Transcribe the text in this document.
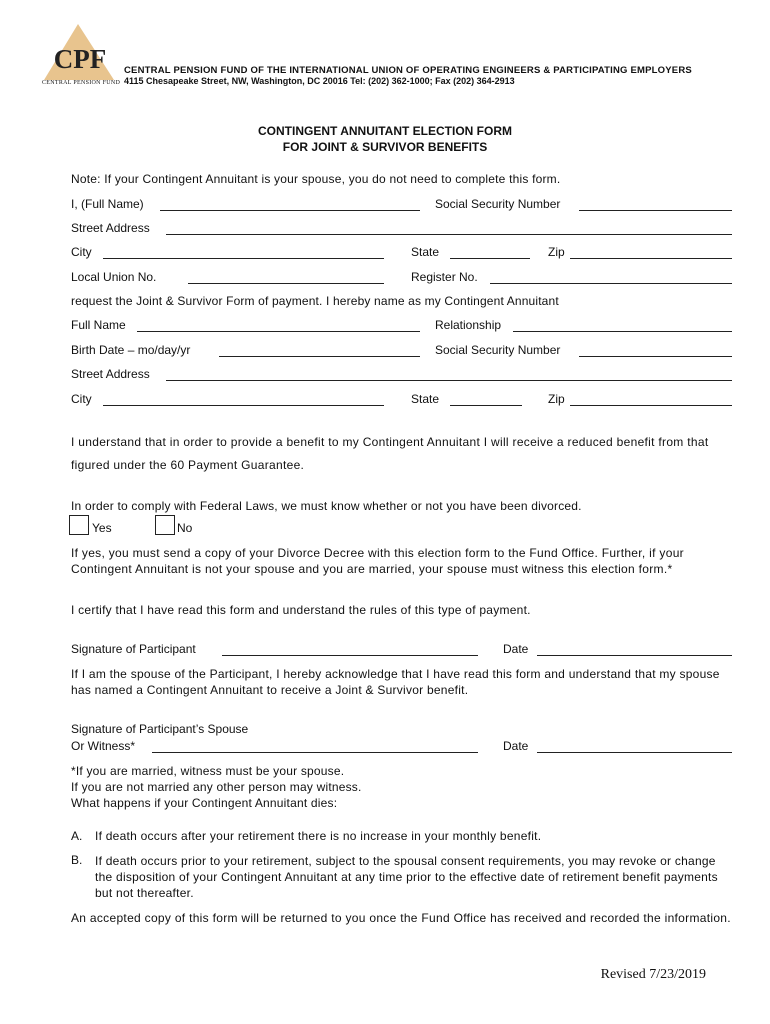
CPF
CENTRAL PENSION FUND
CENTRAL PENSION FUND OF THE INTERNATIONAL UNION OF OPERATING ENGINEERS & PARTICIPATING EMPLOYERS
4115 Chesapeake Street, NW, Washington, DC 20016 Tel: (202) 362-1000; Fax (202) 364-2913
CONTINGENT ANNUITANT ELECTION FORM
FOR JOINT & SURVIVOR BENEFITS
Note: If your Contingent Annuitant is your spouse, you do not need to complete this form.
I, (Full Name)	Social Security Number
Street Address
City	State	Zip
Local Union No.	Register No.
request the Joint & Survivor Form of payment. I hereby name as my Contingent Annuitant
Full Name	Relationship
Birth Date – mo/day/yr	Social Security Number
Street Address
City	State	Zip
I understand that in order to provide a benefit to my Contingent Annuitant I will receive a reduced benefit from that figured under the 60 Payment Guarantee.
In order to comply with Federal Laws, we must know whether or not you have been divorced.
Yes	No
If yes, you must send a copy of your Divorce Decree with this election form to the Fund Office. Further, if your Contingent Annuitant is not your spouse and you are married, your spouse must witness this election form.*
I certify that I have read this form and understand the rules of this type of payment.
Signature of Participant	Date
If I am the spouse of the Participant, I hereby acknowledge that I have read this form and understand that my spouse has named a Contingent Annuitant to receive a Joint & Survivor benefit.
Signature of Participant’s Spouse
Or Witness*	Date
*If you are married, witness must be your spouse.
If you are not married any other person may witness.
What happens if your Contingent Annuitant dies:
A. If death occurs after your retirement there is no increase in your monthly benefit.
B. If death occurs prior to your retirement, subject to the spousal consent requirements, you may revoke or change the disposition of your Contingent Annuitant at any time prior to the effective date of retirement benefit payments but not thereafter.
An accepted copy of this form will be returned to you once the Fund Office has received and recorded the information.
Revised 7/23/2019
